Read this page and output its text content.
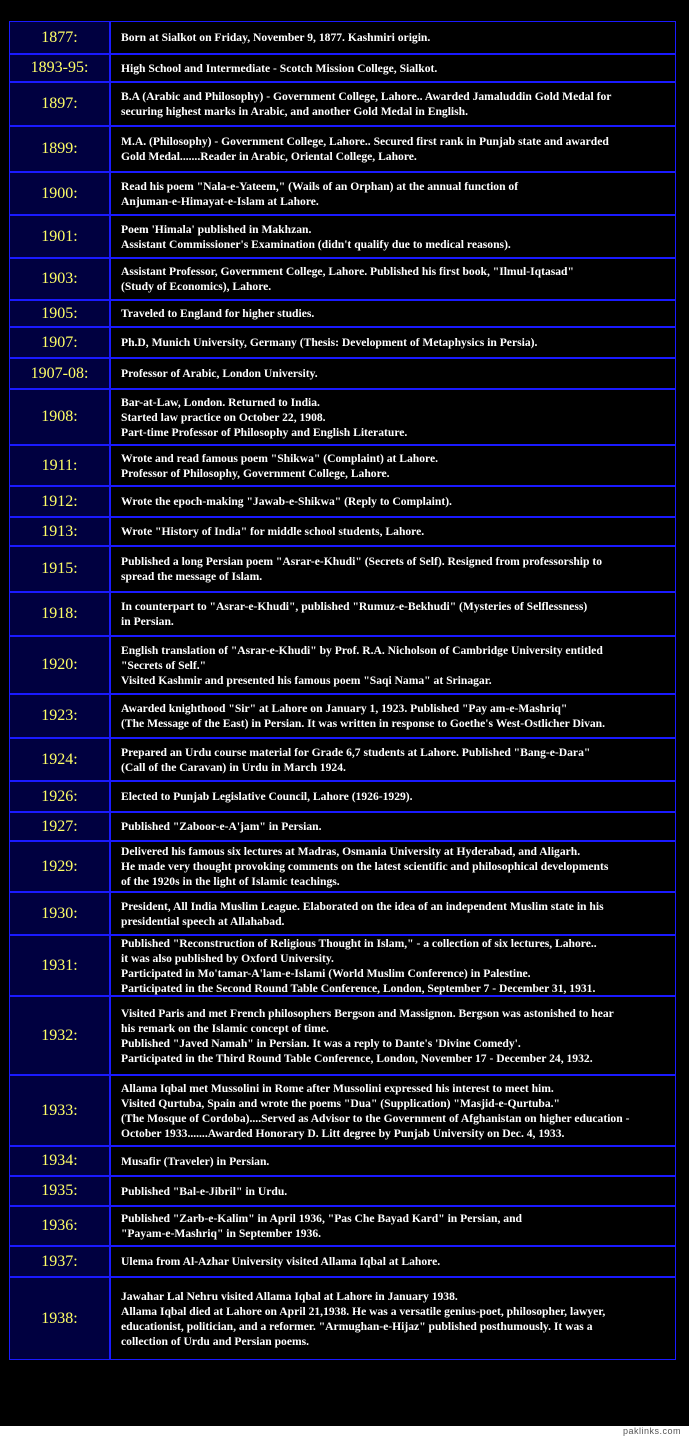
1877:	Born at Sialkot on Friday, November 9, 1877. Kashmiri origin.
1893-95:	High School and Intermediate - Scotch Mission College, Sialkot.
1897:	B.A (Arabic and Philosophy) - Government College, Lahore.. Awarded Jamaluddin Gold Medal for
securing highest marks in Arabic, and another Gold Medal in English.
1899:	M.A. (Philosophy) - Government College, Lahore.. Secured first rank in Punjab state and awarded
Gold Medal.......Reader in Arabic, Oriental College, Lahore.
1900:	Read his poem "Nala-e-Yateem," (Wails of an Orphan) at the annual function of
Anjuman-e-Himayat-e-Islam at Lahore.
1901:	Poem 'Himala' published in Makhzan.
Assistant Commissioner's Examination (didn't qualify due to medical reasons).
1903:	Assistant Professor, Government College, Lahore. Published his first book, "Ilmul-Iqtasad"
(Study of Economics), Lahore.
1905:	Traveled to England for higher studies.
1907:	Ph.D, Munich University, Germany (Thesis: Development of Metaphysics in Persia).
1907-08:	Professor of Arabic, London University.
1908:
Bar-at-Law, London. Returned to India.
Started law practice on October 22, 1908.
Part-time Professor of Philosophy and English Literature.
1911:	Wrote and read famous poem "Shikwa" (Complaint) at Lahore.
Professor of Philosophy, Government College, Lahore.
1912:	Wrote the epoch-making "Jawab-e-Shikwa" (Reply to Complaint).
1913:	Wrote "History of India" for middle school students, Lahore.
1915:	Published a long Persian poem "Asrar-e-Khudi" (Secrets of Self). Resigned from professorship to
spread the message of Islam.
1918:	In counterpart to "Asrar-e-Khudi", published "Rumuz-e-Bekhudi" (Mysteries of Selflessness)
in Persian.
1920:
English translation of "Asrar-e-Khudi" by Prof. R.A. Nicholson of Cambridge University entitled
"Secrets of Self."
Visited Kashmir and presented his famous poem "Saqi Nama" at Srinagar.
1923:	Awarded knighthood "Sir" at Lahore on January 1, 1923. Published "Pay am-e-Mashriq"
(The Message of the East) in Persian. It was written in response to Goethe's West-Ostlicher Divan.
1924:	Prepared an Urdu course material for Grade 6,7 students at Lahore. Published "Bang-e-Dara"
(Call of the Caravan) in Urdu in March 1924.
1926:	Elected to Punjab Legislative Council, Lahore (1926-1929).
1927:	Published "Zaboor-e-A'jam" in Persian.
1929:
Delivered his famous six lectures at Madras, Osmania University at Hyderabad, and Aligarh.
He made very thought provoking comments on the latest scientific and philosophical developments
of the 1920s in the light of Islamic teachings.
1930:	President, All India Muslim League. Elaborated on the idea of an independent Muslim state in his
presidential speech at Allahabad.
1931:
Published "Reconstruction of Religious Thought in Islam," - a collection of six lectures, Lahore..
it was also published by Oxford University.
Participated in Mo'tamar-A'lam-e-Islami (World Muslim Conference) in Palestine.
Participated in the Second Round Table Conference, London, September 7 - December 31, 1931.
1932:
Visited Paris and met French philosophers Bergson and Massignon. Bergson was astonished to hear
his remark on the Islamic concept of time.
Published "Javed Namah" in Persian. It was a reply to Dante's 'Divine Comedy'.
Participated in the Third Round Table Conference, London, November 17 - December 24, 1932.
1933:
Allama Iqbal met Mussolini in Rome after Mussolini expressed his interest to meet him.
Visited Qurtuba, Spain and wrote the poems "Dua" (Supplication) "Masjid-e-Qurtuba."
(The Mosque of Cordoba)....Served as Advisor to the Government of Afghanistan on higher education -
October 1933.......Awarded Honorary D. Litt degree by Punjab University on Dec. 4, 1933.
1934:	Musafir (Traveler) in Persian.
1935:	Published "Bal-e-Jibril" in Urdu.
1936:	Published "Zarb-e-Kalim" in April 1936, "Pas Che Bayad Kard" in Persian, and
"Payam-e-Mashriq" in September 1936.
1937:	Ulema from Al-Azhar University visited Allama Iqbal at Lahore.
1938:
Jawahar Lal Nehru visited Allama Iqbal at Lahore in January 1938.
Allama Iqbal died at Lahore on April 21,1938. He was a versatile genius-poet, philosopher, lawyer,
educationist, politician, and a reformer. "Armughan-e-Hijaz" published posthumously. It was a
collection of Urdu and Persian poems.
paklinks.com
